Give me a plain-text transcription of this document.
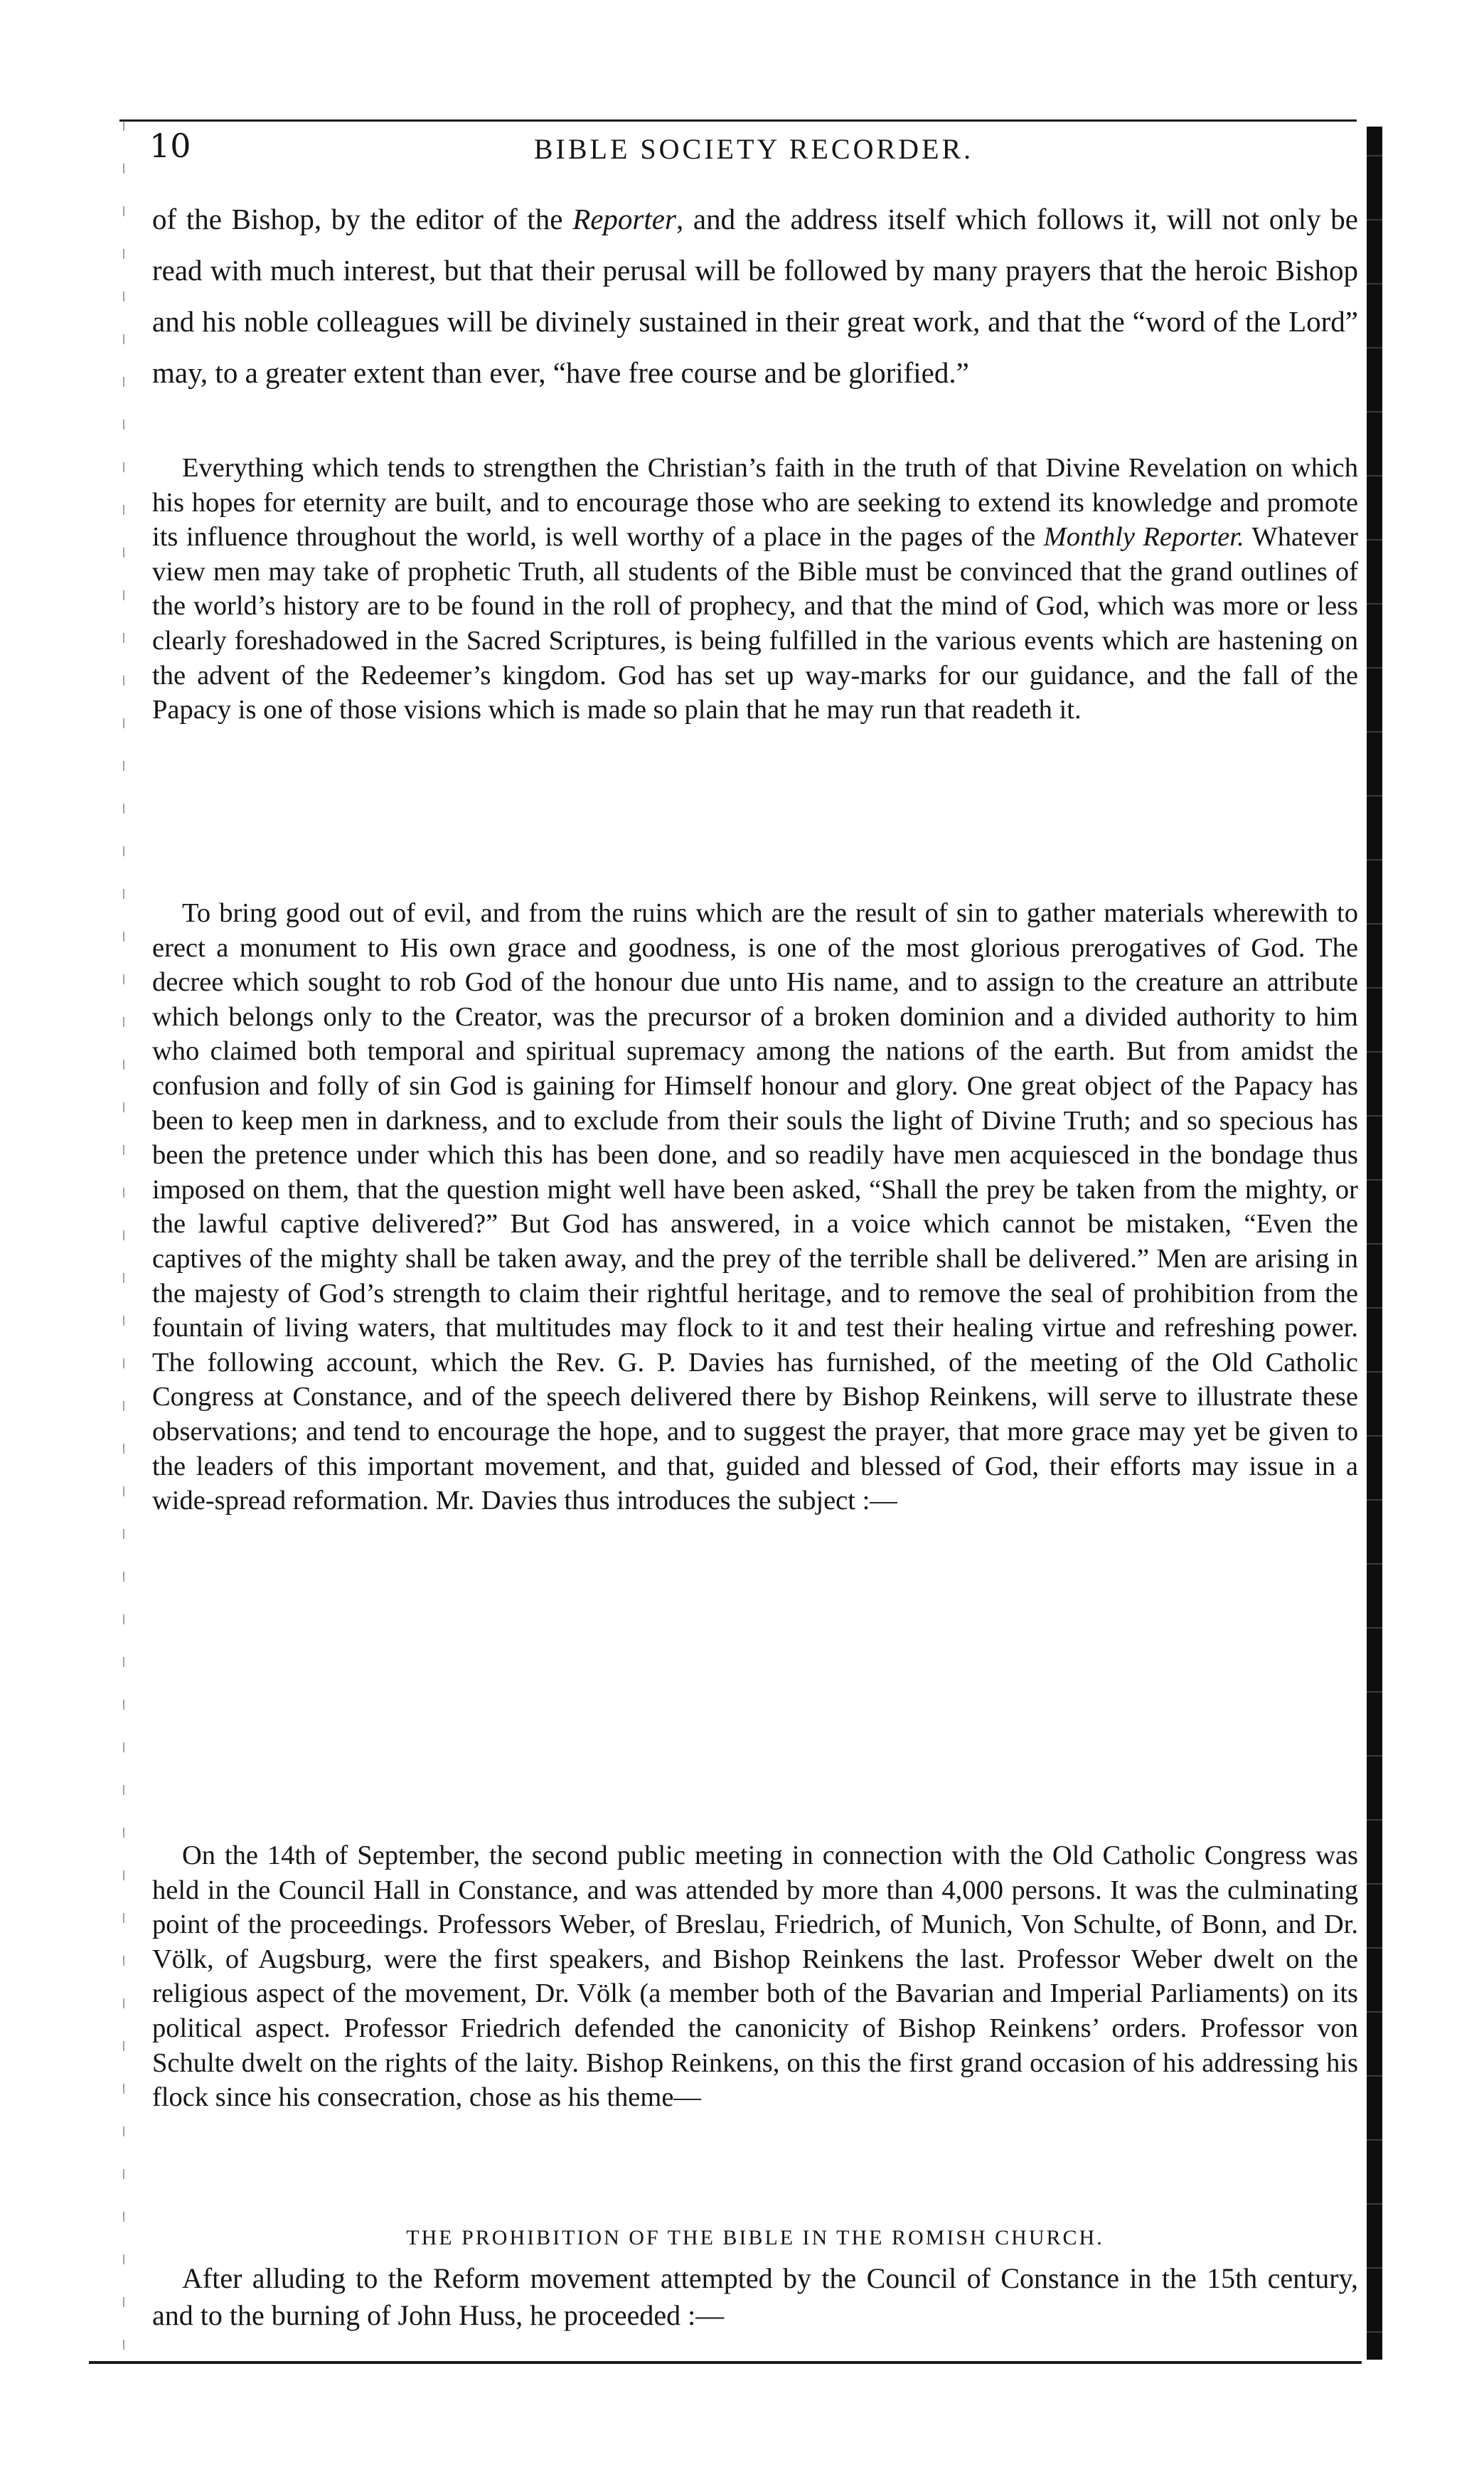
10	BIBLE SOCIETY RECORDER.

of the Bishop, by the editor of the Reporter, and the address itself which follows it, will not only be read with much interest, but that their perusal will be followed by many prayers that the heroic Bishop and his noble colleagues will be divinely sustained in their great work, and that the “word of the Lord” may, to a greater extent than ever, “have free course and be glorified.”

Everything which tends to strengthen the Christian’s faith in the truth of that Divine Revelation on which his hopes for eternity are built, and to encourage those who are seeking to extend its knowledge and promote its influence throughout the world, is well worthy of a place in the pages of the Monthly Reporter. Whatever view men may take of prophetic Truth, all students of the Bible must be convinced that the grand outlines of the world’s history are to be found in the roll of prophecy, and that the mind of God, which was more or less clearly foreshadowed in the Sacred Scriptures, is being fulfilled in the various events which are hastening on the advent of the Redeemer’s kingdom. God has set up way-marks for our guidance, and the fall of the Papacy is one of those visions which is made so plain that he may run that readeth it.

To bring good out of evil, and from the ruins which are the result of sin to gather materials wherewith to erect a monument to His own grace and goodness, is one of the most glorious prerogatives of God. The decree which sought to rob God of the honour due unto His name, and to assign to the creature an attribute which belongs only to the Creator, was the precursor of a broken dominion and a divided authority to him who claimed both temporal and spiritual supremacy among the nations of the earth. But from amidst the confusion and folly of sin God is gaining for Himself honour and glory. One great object of the Papacy has been to keep men in darkness, and to exclude from their souls the light of Divine Truth; and so specious has been the pretence under which this has been done, and so readily have men acquiesced in the bondage thus imposed on them, that the question might well have been asked, “Shall the prey be taken from the mighty, or the lawful captive delivered?” But God has answered, in a voice which cannot be mistaken, “Even the captives of the mighty shall be taken away, and the prey of the terrible shall be delivered.” Men are arising in the majesty of God’s strength to claim their rightful heritage, and to remove the seal of prohibition from the fountain of living waters, that multitudes may flock to it and test their healing virtue and refreshing power. The following account, which the Rev. G. P. Davies has furnished, of the meeting of the Old Catholic Congress at Constance, and of the speech delivered there by Bishop Reinkens, will serve to illustrate these observations; and tend to encourage the hope, and to suggest the prayer, that more grace may yet be given to the leaders of this important movement, and that, guided and blessed of God, their efforts may issue in a wide-spread reformation. Mr. Davies thus introduces the subject :—

On the 14th of September, the second public meeting in connection with the Old Catholic Congress was held in the Council Hall in Constance, and was attended by more than 4,000 persons. It was the culminating point of the proceedings. Professors Weber, of Breslau, Friedrich, of Munich, Von Schulte, of Bonn, and Dr. Völk, of Augsburg, were the first speakers, and Bishop Reinkens the last. Professor Weber dwelt on the religious aspect of the movement, Dr. Völk (a member both of the Bavarian and Imperial Parliaments) on its political aspect. Professor Friedrich defended the canonicity of Bishop Reinkens’ orders. Professor von Schulte dwelt on the rights of the laity. Bishop Reinkens, on this the first grand occasion of his addressing his flock since his consecration, chose as his theme—

THE PROHIBITION OF THE BIBLE IN THE ROMISH CHURCH.

After alluding to the Reform movement attempted by the Council of Constance in the 15th century, and to the burning of John Huss, he proceeded :—
